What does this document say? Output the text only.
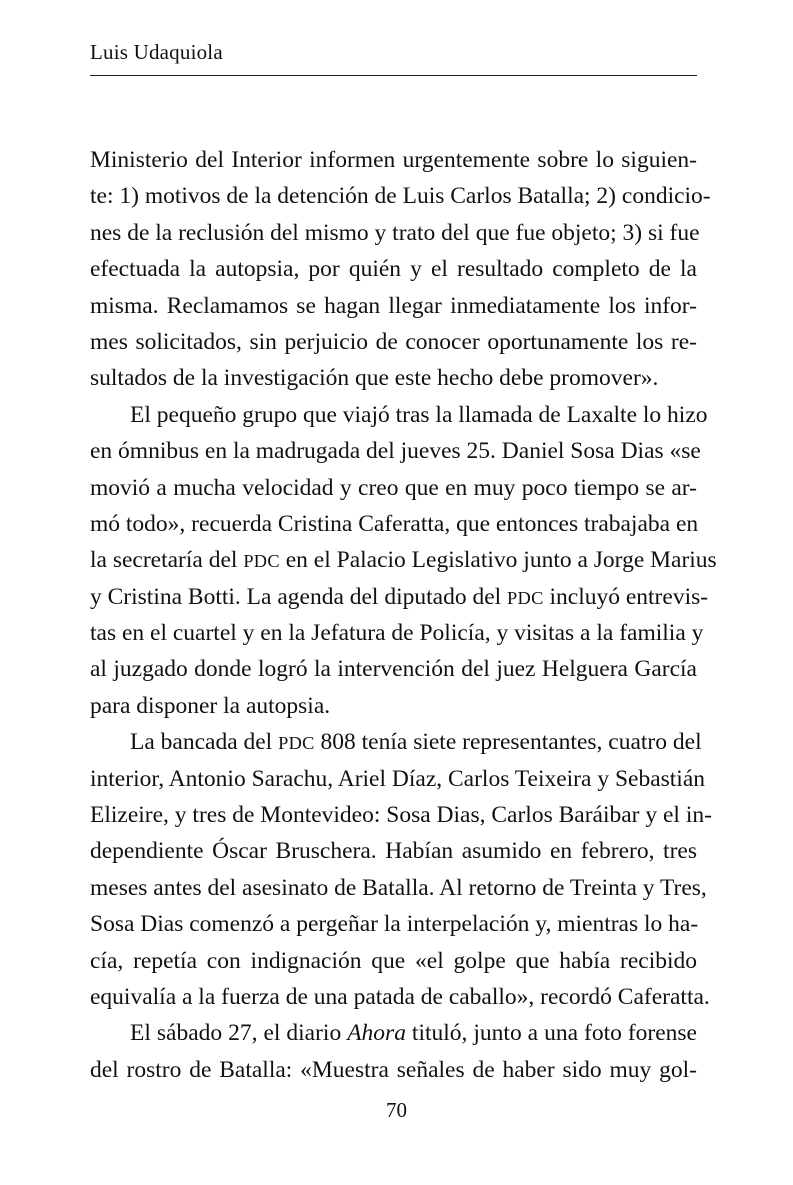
Luis Udaquiola
Ministerio del Interior informen urgentemente sobre lo siguien-
te: 1) motivos de la detención de Luis Carlos Batalla; 2) condicio-
nes de la reclusión del mismo y trato del que fue objeto; 3) si fue
efectuada la autopsia, por quién y el resultado completo de la
misma. Reclamamos se hagan llegar inmediatamente los infor-
mes solicitados, sin perjuicio de conocer oportunamente los re-
sultados de la investigación que este hecho debe promover».
El pequeño grupo que viajó tras la llamada de Laxalte lo hizo
en ómnibus en la madrugada del jueves 25. Daniel Sosa Dias «se
movió a mucha velocidad y creo que en muy poco tiempo se ar-
mó todo», recuerda Cristina Caferatta, que entonces trabajaba en
la secretaría del PDC en el Palacio Legislativo junto a Jorge Marius
y Cristina Botti. La agenda del diputado del PDC incluyó entrevis-
tas en el cuartel y en la Jefatura de Policía, y visitas a la familia y
al juzgado donde logró la intervención del juez Helguera García
para disponer la autopsia.
La bancada del PDC 808 tenía siete representantes, cuatro del
interior, Antonio Sarachu, Ariel Díaz, Carlos Teixeira y Sebastián
Elizeire, y tres de Montevideo: Sosa Dias, Carlos Baráibar y el in-
dependiente Óscar Bruschera. Habían asumido en febrero, tres
meses antes del asesinato de Batalla. Al retorno de Treinta y Tres,
Sosa Dias comenzó a pergeñar la interpelación y, mientras lo ha-
cía, repetía con indignación que «el golpe que había recibido
equivalía a la fuerza de una patada de caballo», recordó Caferatta.
El sábado 27, el diario Ahora tituló, junto a una foto forense
del rostro de Batalla: «Muestra señales de haber sido muy gol-
70
